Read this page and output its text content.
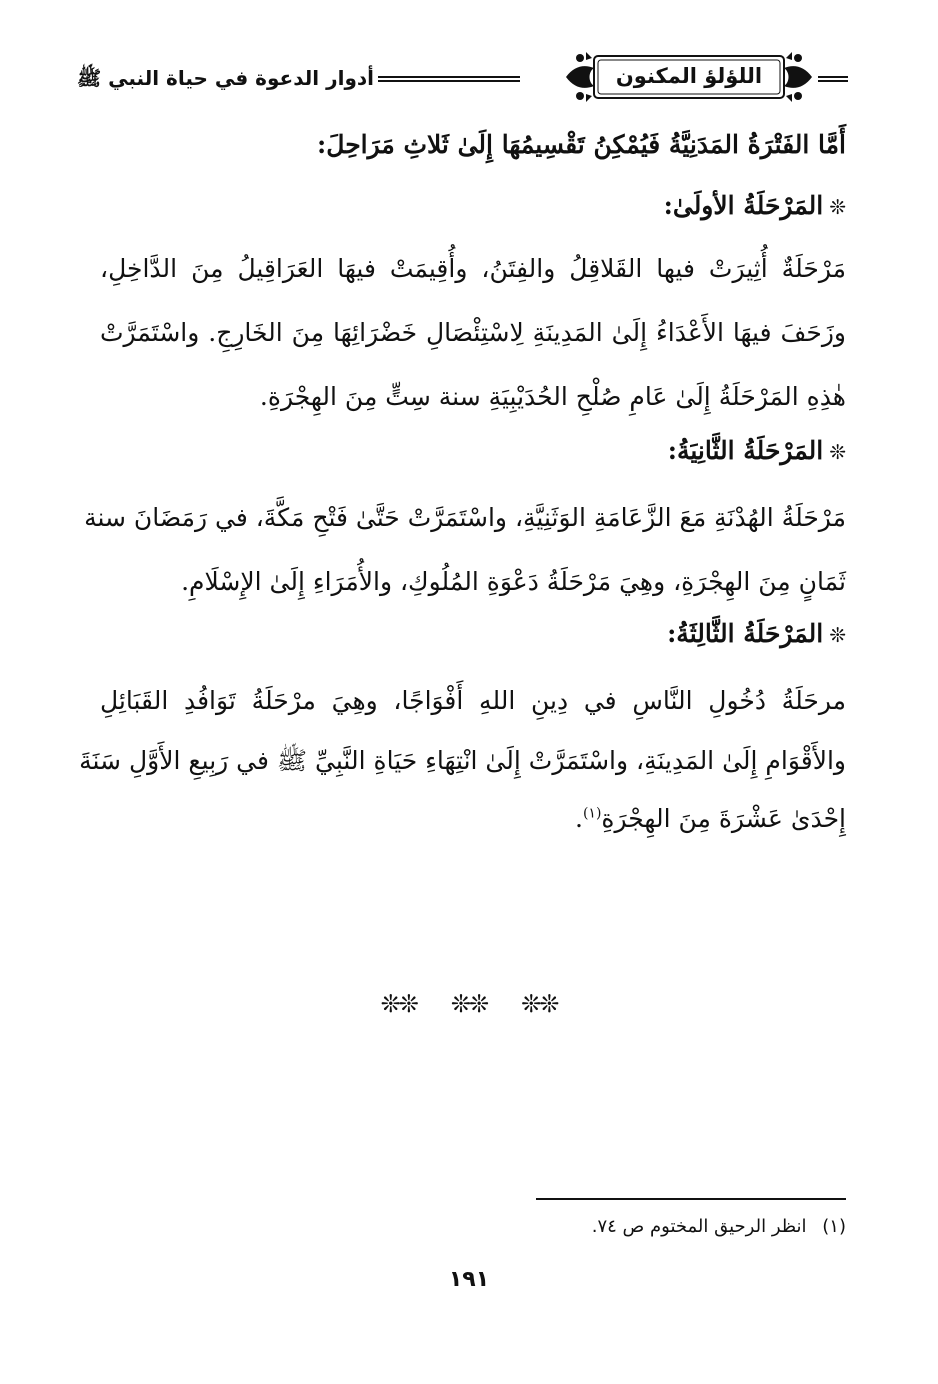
اللؤلؤ المكنون
أدوار الدعوة في حياة النبي ﷺ

أَمَّا الفَتْرَةُ المَدَنِيَّةُ فَيُمْكِنُ تَقْسِيمُهَا إِلَىٰ ثَلاثِ مَرَاحِلَ:

❊المَرْحَلَةُ الأولَىٰ:

مَرْحَلَةٌ أُثِيرَتْ فيها القَلاقِلُ والفِتَنُ، وأُقِيمَتْ فيهَا العَرَاقِيلُ مِنَ الدَّاخِلِ،
وزَحَفَ فيهَا الأَعْدَاءُ إِلَىٰ المَدِينَةِ لِاسْتِئْصَالِ خَضْرَائِهَا مِنَ الخَارِجِ. واسْتَمَرَّتْ
هٰذِهِ المَرْحَلَةُ إِلَىٰ عَامِ صُلْحِ الحُدَيْبِيَةِ سنة سِتٍّ مِنَ الهِجْرَةِ.

❊المَرْحَلَةُ الثَّانِيَةُ:

مَرْحَلَةُ الهُدْنَةِ مَعَ الزَّعَامَةِ الوَثَنِيَّةِ، واسْتَمَرَّتْ حَتَّىٰ فَتْحِ مَكَّةَ، في رَمَضَانَ سنة
ثَمَانٍ مِنَ الهِجْرَةِ، وهِيَ مَرْحَلَةُ دَعْوَةِ المُلُوكِ، والأُمَرَاءِ إِلَىٰ الإِسْلَامِ.

❊المَرْحَلَةُ الثَّالِثَةُ:

مرحَلَةُ دُخُولِ النَّاسِ في دِينِ اللهِ أَفْوَاجًا، وهِيَ مرْحَلَةُ تَوَافُدِ القَبَائِلِ
والأَقْوَامِ إِلَىٰ المَدِينَةِ، واسْتَمَرَّتْ إِلَىٰ انْتِهَاءِ حَيَاةِ النَّبِيِّ ﷺ في رَبِيعِ الأَوَّلِ سَنَةَ
إِحْدَىٰ عَشْرَةَ مِنَ الهِجْرَةِ$^{(١)}$.
❊❊ ❊❊ ❊❊
(١) انظر الرحيق المختوم ص ٧٤.
١٩١
